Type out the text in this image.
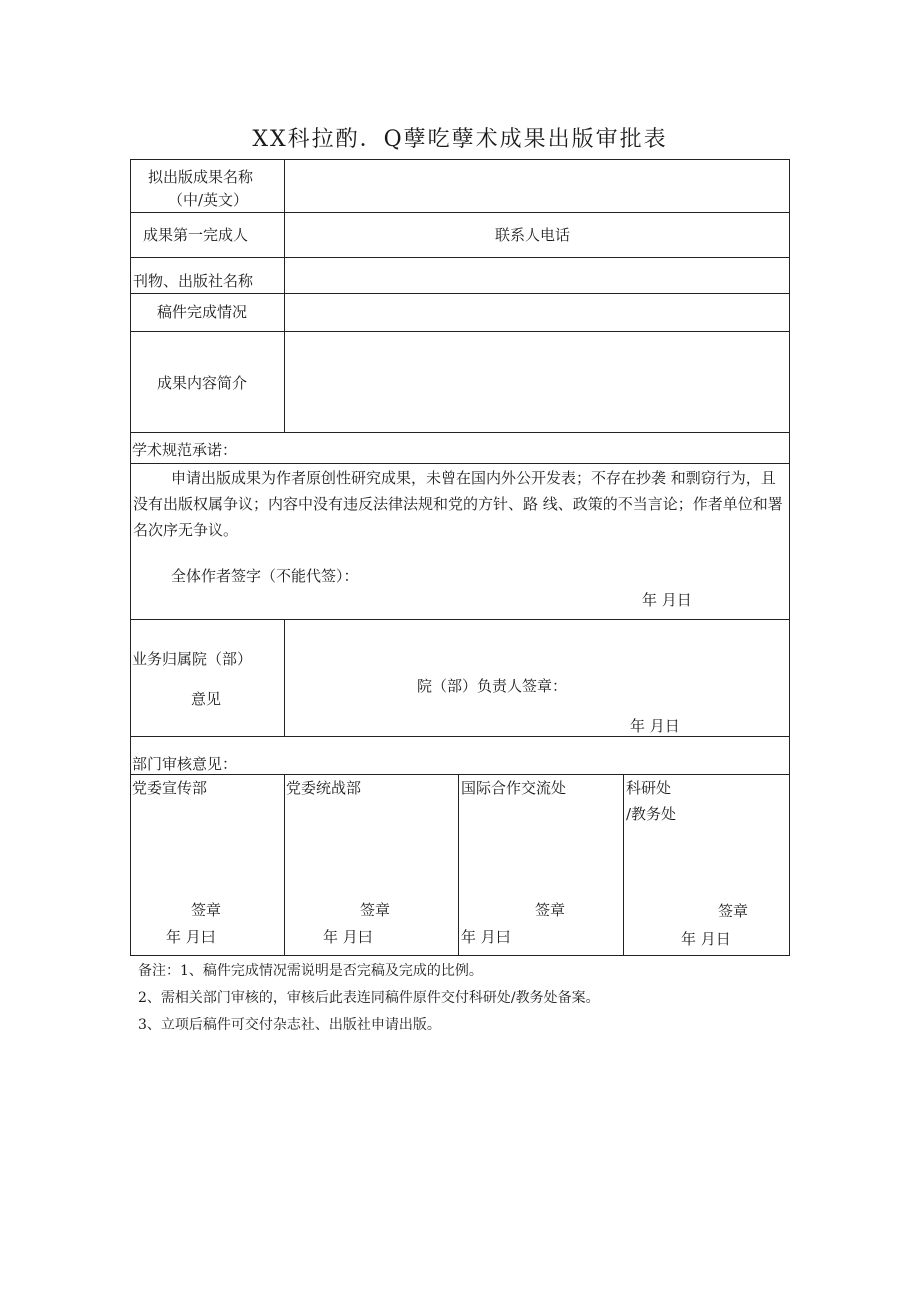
XX科拉酌．Q孽吃孽术成果出版审批表
拟出版成果名称
（中/英文）
成果第一完成人	联系人电话
刊物、出版社名称
稿件完成情况
成果内容简介
学术规范承诺：
申请出版成果为作者原创性研究成果，未曾在国内外公开发表；不存在抄袭 和剽窃行为，且没有出版权属争议；内容中没有违反法律法规和党的方针、路 线、政策的不当言论；作者单位和署名次序无争议。
全体作者签字（不能代签）：
年 月日
业务归属院（部）
意见
院（部）负责人签章：
年 月日
部门审核意见：
党委宣传部
签章
年 月曰
党委统战部
签章
年 月曰
国际合作交流处
签章
年 月曰
科研处
/教务处
签章
年 月日
备注：1、稿件完成情况需说明是否完稿及完成的比例。
2、需相关部门审核的，审核后此表连同稿件原件交付科研处/教务处备案。
3、立项后稿件可交付杂志社、出版社申请出版。
